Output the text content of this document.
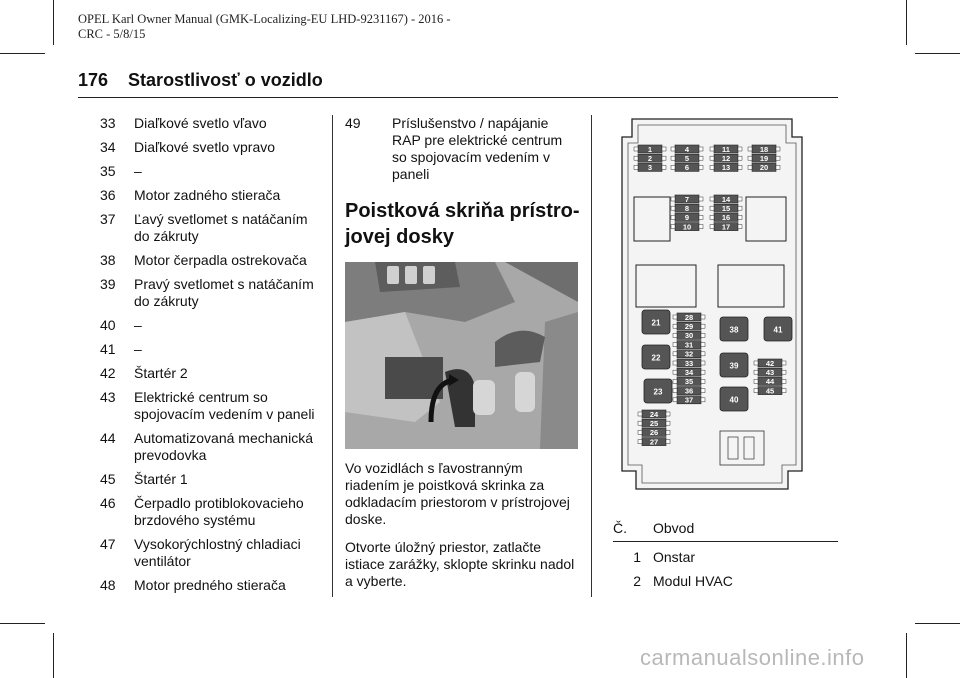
OPEL Karl Owner Manual (GMK-Localizing-EU LHD-9231167) - 2016 -
CRC - 5/8/15
176 Starostlivosť o vozidlo
33	Diaľkové svetlo vľavo
34	Diaľkové svetlo vpravo
35	–
36	Motor zadného stierača
37	Ľavý svetlomet s natáčaním do zákruty
38	Motor čerpadla ostrekovača
39	Pravý svetlomet s natáčaním do zákruty
40	–
41	–
42	Štartér 2
43	Elektrické centrum so spojovacím vedením v paneli
44	Automatizovaná mechanická prevodovka
45	Štartér 1
46	Čerpadlo protiblokovacieho brzdového systému
47	Vysokorýchlostný chladiaci ventilátor
48	Motor predného stierača
49	Príslušenstvo / napájanie RAP pre elektrické centrum so spojovacím vedením v paneli
Poistková skriňa prístro-jovej dosky

Vo vozidlách s ľavostranným riadením je poistková skrinka za odkladacím priestorom v prístrojovej doske.

Otvorte úložný priestor, zatlačte istiace zarážky, sklopte skrinku nadol a vyberte.

1
2
3
4
5
6
7
8
9
10
11
12
13
14
15
16
17
18
19
20
21
22
23
38
39
40
41
28
29
30
31
32
33
34
35
36
37
24
25
26
27
42
43
44
45
Č.	Obvod
1 Onstar
2 Modul HVAC
carmanualsonline.info
